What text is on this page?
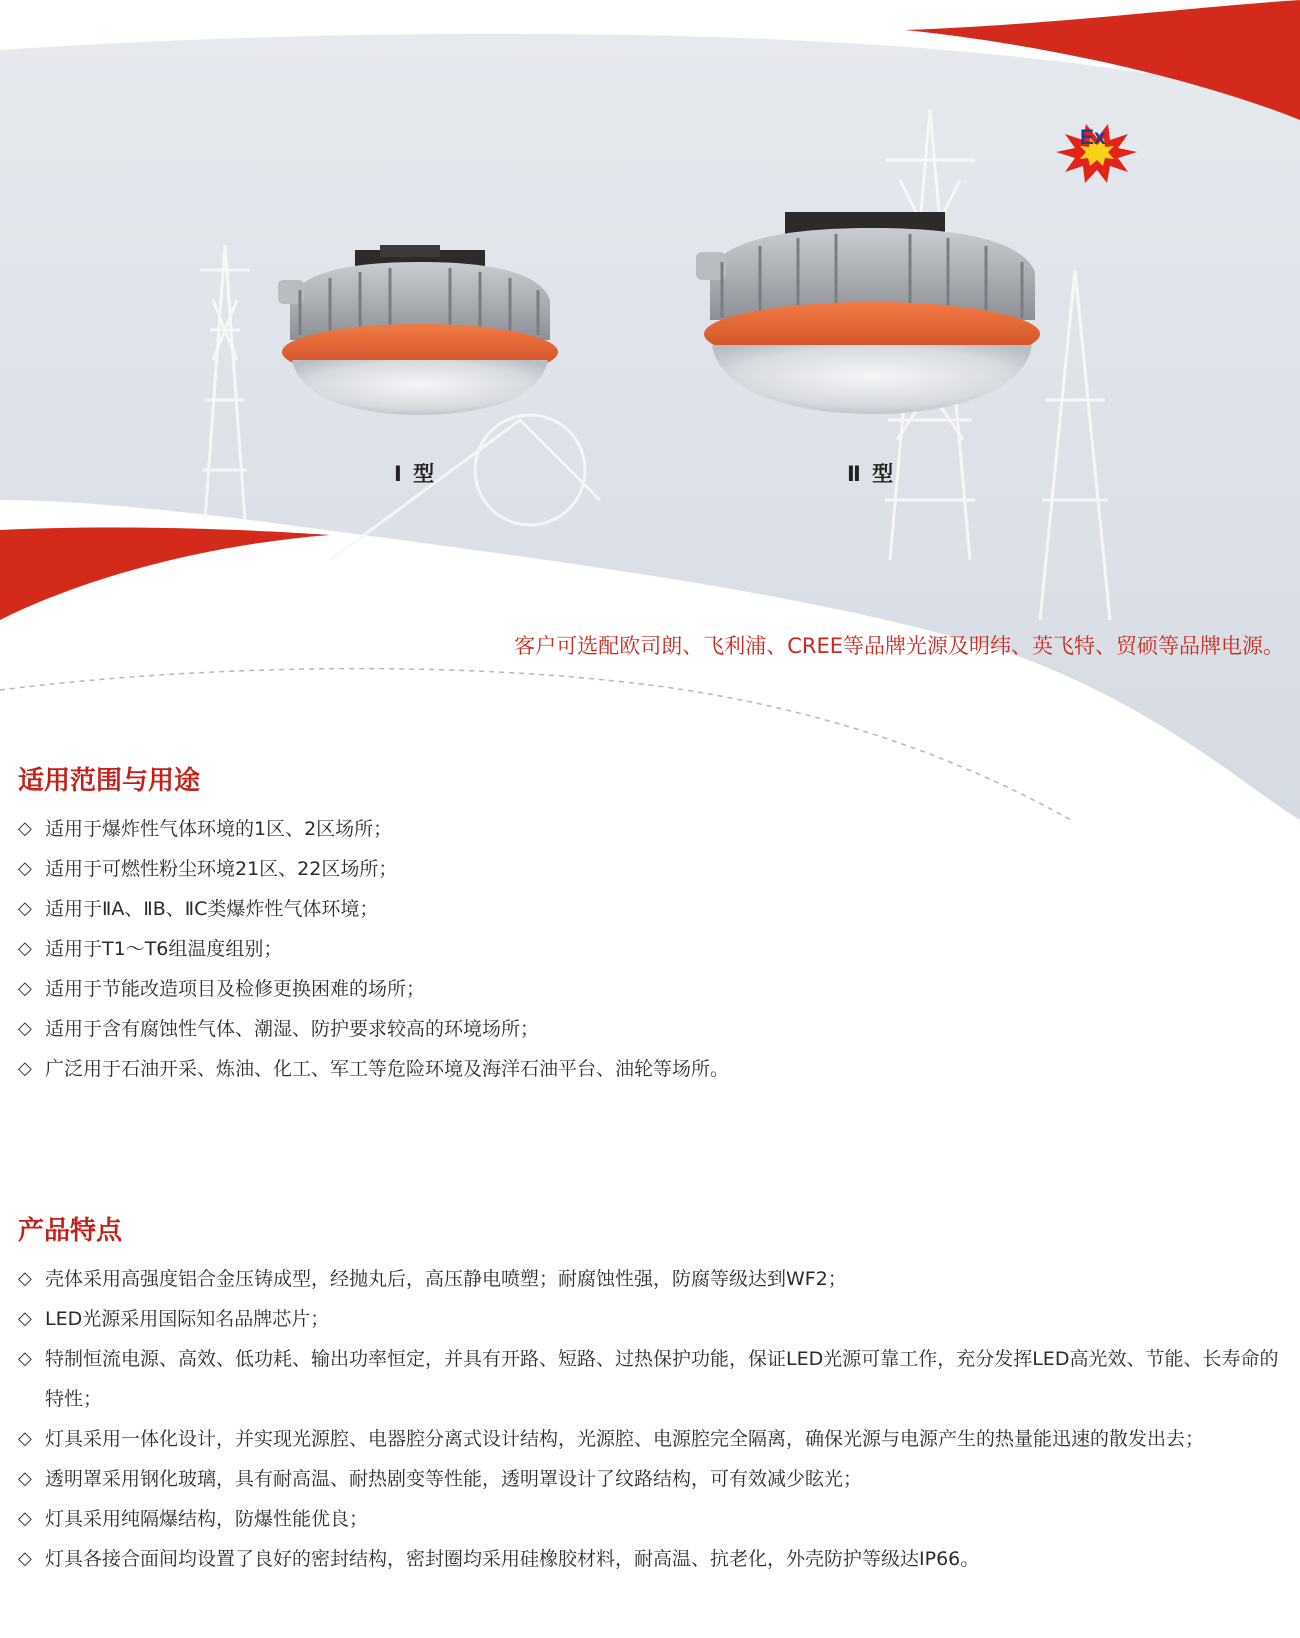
Ex
Ⅰ 型	Ⅱ 型
客户可选配欧司朗、飞利浦、CREE等品牌光源及明纬、英飞特、贸硕等品牌电源。
适用范围与用途
◇ 适用于爆炸性气体环境的1区、2区场所；
◇ 适用于可燃性粉尘环境21区、22区场所；
◇ 适用于ⅡA、ⅡB、ⅡC类爆炸性气体环境；
◇ 适用于T1～T6组温度组别；
◇ 适用于节能改造项目及检修更换困难的场所；
◇ 适用于含有腐蚀性气体、潮湿、防护要求较高的环境场所；
◇ 广泛用于石油开采、炼油、化工、军工等危险环境及海洋石油平台、油轮等场所。
产品特点
◇ 壳体采用高强度铝合金压铸成型，经抛丸后，高压静电喷塑；耐腐蚀性强，防腐等级达到WF2；
◇ LED光源采用国际知名品牌芯片；
◇ 特制恒流电源、高效、低功耗、输出功率恒定，并具有开路、短路、过热保护功能，保证LED光源可靠工作，充分发挥LED高光效、节能、长寿命的特性；
◇ 灯具采用一体化设计，并实现光源腔、电器腔分离式设计结构，光源腔、电源腔完全隔离，确保光源与电源产生的热量能迅速的散发出去；
◇ 透明罩采用钢化玻璃，具有耐高温、耐热剧变等性能，透明罩设计了纹路结构，可有效减少眩光；
◇ 灯具采用纯隔爆结构，防爆性能优良；
◇ 灯具各接合面间均设置了良好的密封结构，密封圈均采用硅橡胶材料，耐高温、抗老化，外壳防护等级达IP66。
